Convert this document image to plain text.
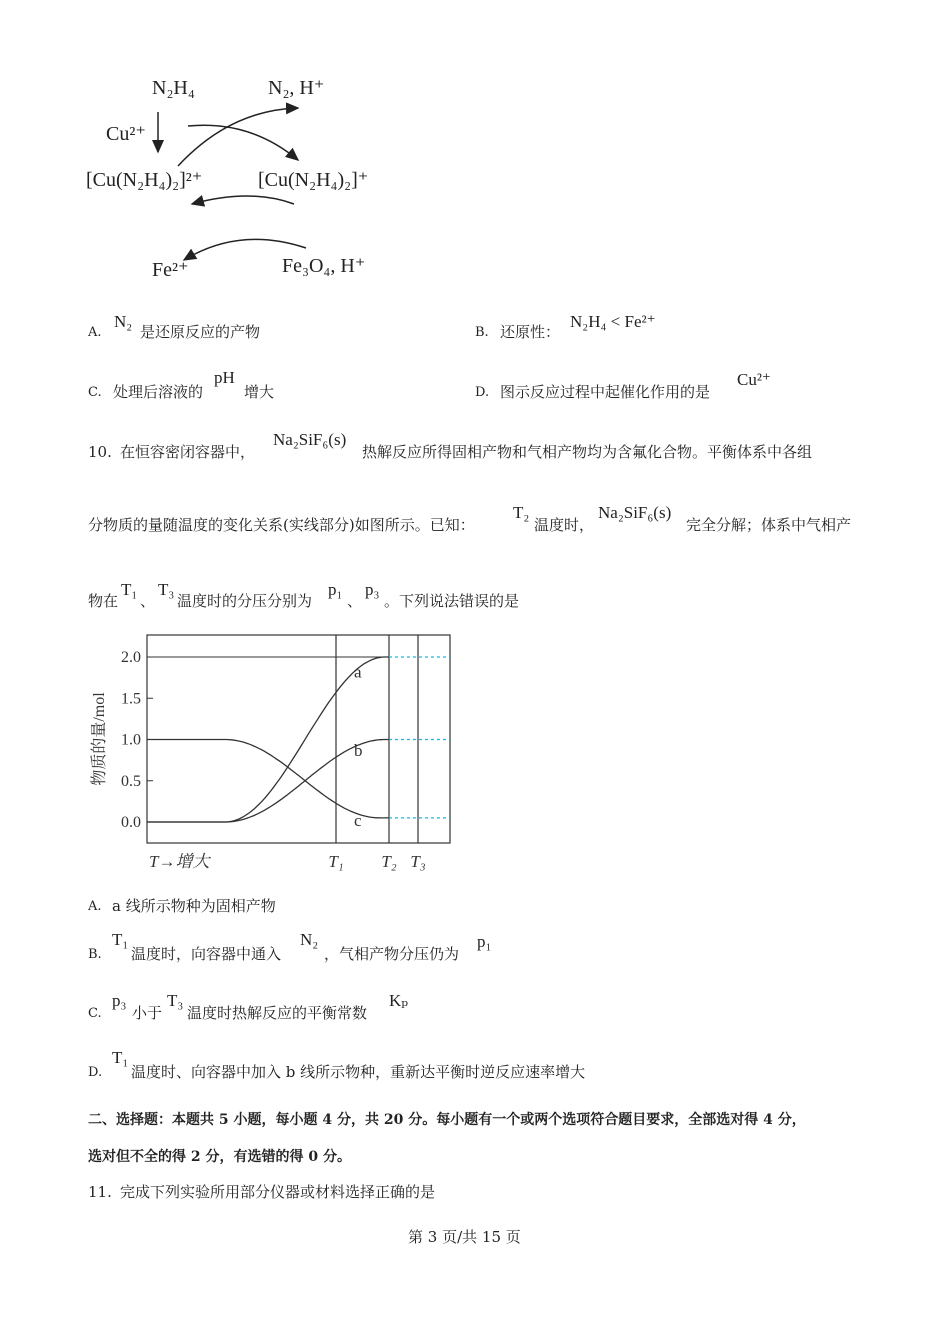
N₂H₄	N₂, H⁺
Cu²⁺
[Cu(N₂H₄)₂]²⁺	[Cu(N₂H₄)₂]⁺
Fe²⁺	Fe₃O₄, H⁺
A.
N₂
是还原反应的产物	B. 还原性：
N₂H₄ < Fe²⁺
C. 处理后溶液的
pH
增大	D. 图示反应过程中起催化作用的是
Cu²⁺
10. 在恒容密闭容器中，
Na₂SiF₆(s)
热解反应所得固相产物和气相产物均为含氟化合物。平衡体系中各组
分物质的量随温度的变化关系(实线部分)如图所示。已知：
T₂
温度时，
Na₂SiF₆(s)
完全分解；体系中气相产
物在
T₁
、
T₃
温度时的分压分别为
p₁
、
p₃
。下列说法错误的是
0.0
0.5
1.0
1.5
2.0
物质的量/mol
T→增大	T₁ T₂ T₃
a
b
c
A. a 线所示物种为固相产物
B.
T₁
温度时，向容器中通入
N₂
，气相产物分压仍为
p₁
C.
p₃
小于
T₃
温度时热解反应的平衡常数
Kₚ
D.
T₁
温度时、向容器中加入 b 线所示物种，重新达平衡时逆反应速率增大
二、选择题：本题共 5 小题，每小题 4 分，共 20 分。每小题有一个或两个选项符合题目要求，全部选对得 4 分，
选对但不全的得 2 分，有选错的得 0 分。
11. 完成下列实验所用部分仪器或材料选择正确的是
第 3 页/共 15 页
